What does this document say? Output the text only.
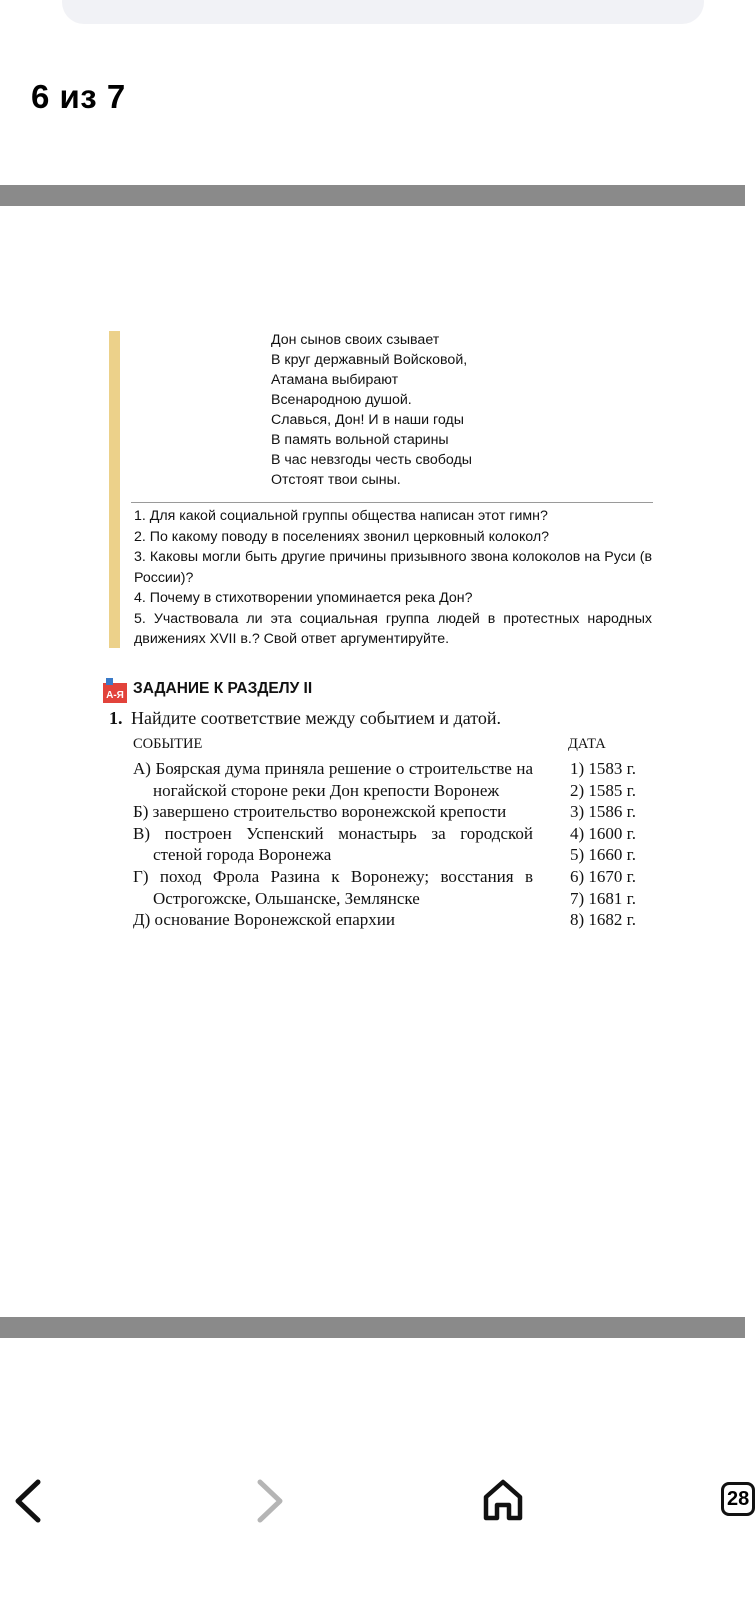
6 из 7
Дон сынов своих сзывает
В круг державный Войсковой,
Атамана выбирают
Всенародною душой.
Славься, Дон! И в наши годы
В память вольной старины
В час невзгоды честь свободы
Отстоят твои сыны.

1. Для какой социальной группы общества написан этот гимн?

2. По какому поводу в поселениях звонил церковный колокол?

3. Каковы могли быть другие причины призывного звона колоколов на Руси (в России)?

4. Почему в стихотворении упоминается река Дон?

5. Участвовала ли эта социальная группа людей в протестных народных движениях XVII в.? Свой ответ аргументируйте.

А-Я ЗАДАНИЕ К РАЗДЕЛУ II
1. Найдите соответствие между событием и датой.
СОБЫТИЕ	ДАТА
А) Боярская дума приняла решение о строительстве на ногайской стороне реки Дон крепости Воронеж
Б) завершено строительство воронежской крепости
В) построен Успенский монастырь за городской стеной города Воронежа
Г) поход Фрола Разина к Воронежу; восстания в Острогожске, Ольшанске, Землянске
Д) основание Воронежской епархии
1) 1583 г.
2) 1585 г.
3) 1586 г.
4) 1600 г.
5) 1660 г.
6) 1670 г.
7) 1681 г.
8) 1682 г.
28
